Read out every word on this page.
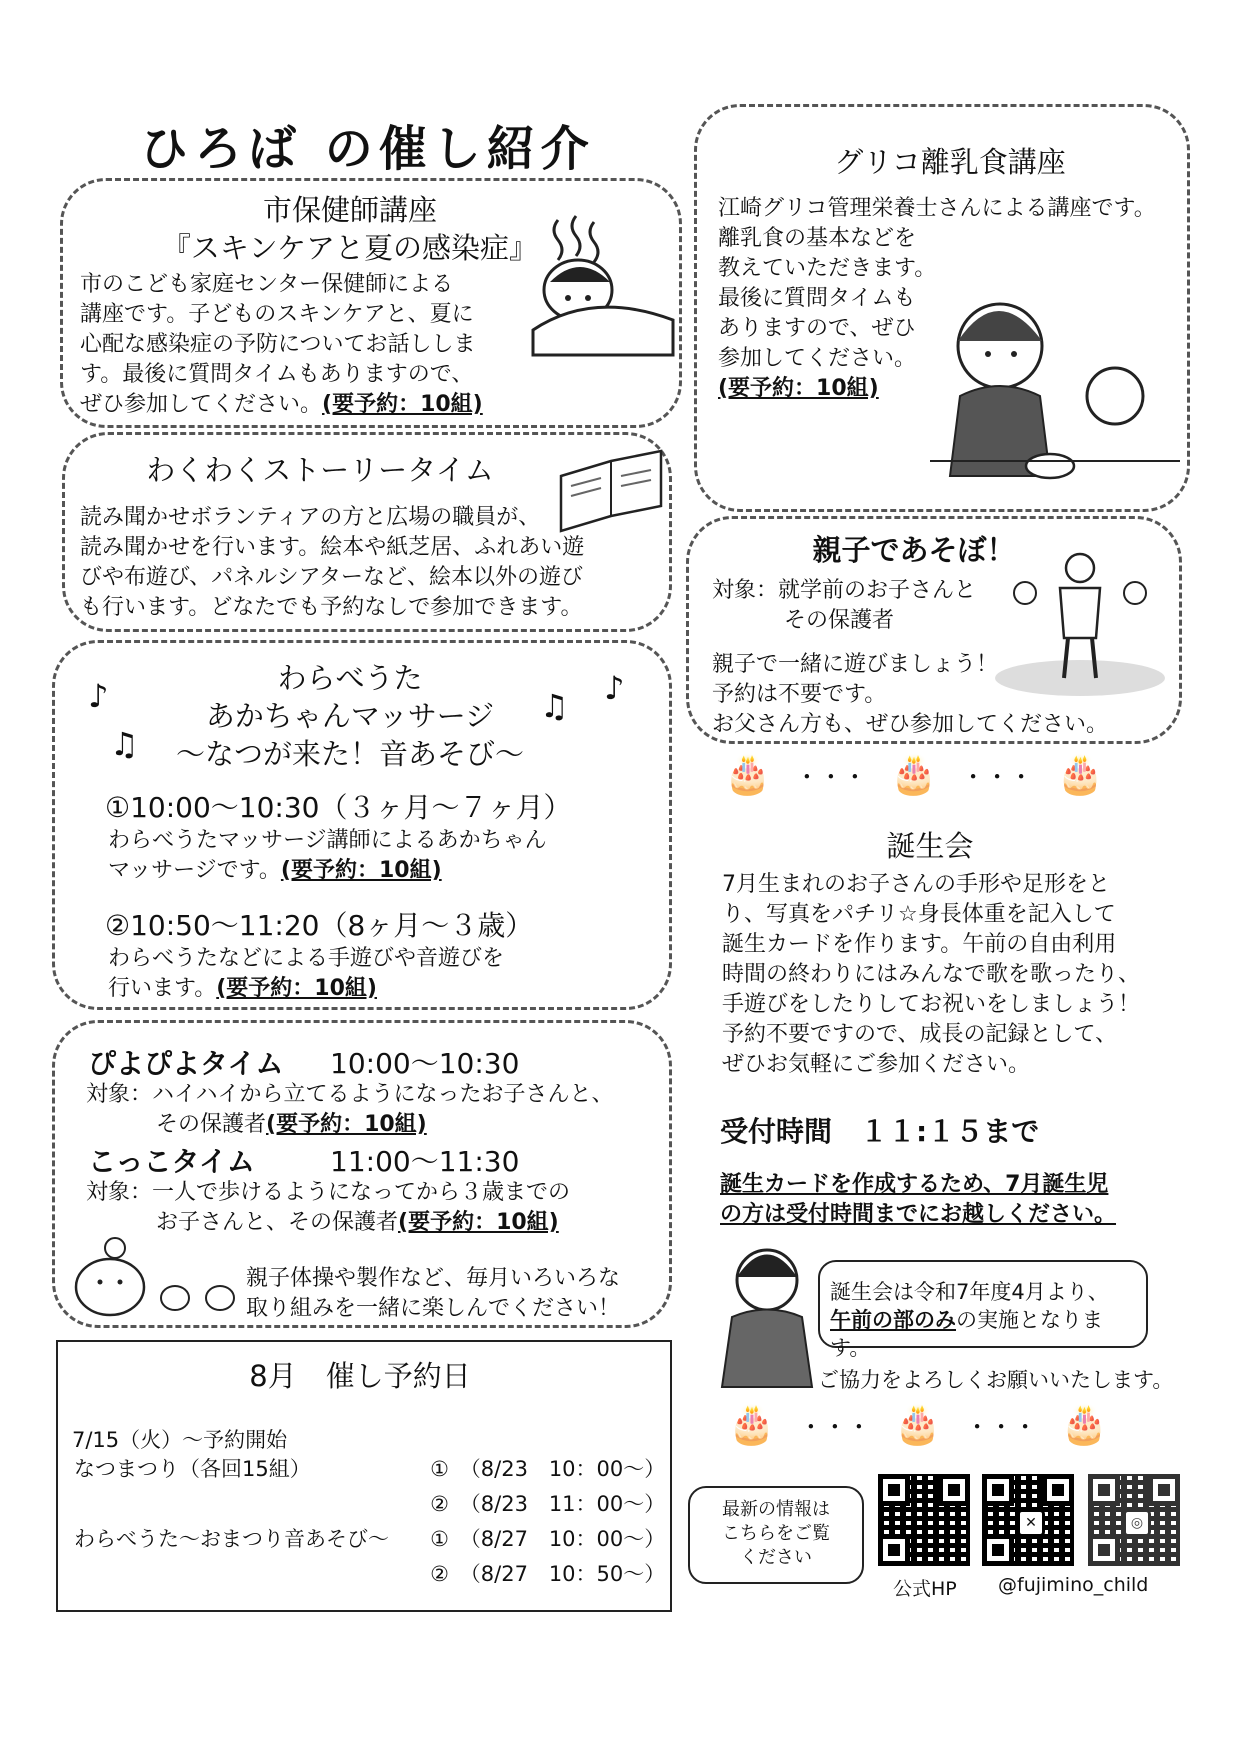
ひろば の催し紹介
市保健師講座
『スキンケアと夏の感染症』
市のこども家庭センター保健師による
講座です。子どものスキンケアと、夏に
心配な感染症の予防についてお話ししま
す。最後に質問タイムもありますので、
ぜひ参加してください。(要予約：10組)
わくわくストーリータイム
読み聞かせボランティアの方と広場の職員が、
読み聞かせを行います。絵本や紙芝居、ふれあい遊
びや布遊び、パネルシアターなど、絵本以外の遊び
も行います。どなたでも予約なしで参加できます。
わらべうた
あかちゃんマッサージ
～なつが来た！音あそび～
♪
♫
♫ ♪
①10:00～10:30（３ヶ月～７ヶ月）
わらべうたマッサージ講師によるあかちゃん
マッサージです。(要予約：10組)
②10:50～11:20（8ヶ月～３歳）
わらべうたなどによる手遊びや音遊びを
行います。(要予約：10組)
ぴよぴよタイム 10:00～10:30
対象：ハイハイから立てるようになったお子さんと、
その保護者(要予約：10組)
こっこタイム	11:00～11:30
対象：一人で歩けるようになってから３歳までの
お子さんと、その保護者(要予約：10組)
親子体操や製作など、毎月いろいろな
取り組みを一緒に楽しんでください！
8月　催し予約日
7/15（火）～予約開始
なつまつり（各回15組）	① （8/23 10：00～）
② （8/23 11：00～）
わらべうた～おまつり音あそび～	① （8/27 10：00～）
② （8/27 10：50～）
グリコ離乳食講座
江崎グリコ管理栄養士さんによる講座です。
離乳食の基本などを
教えていただきます。
最後に質問タイムも
ありますので、ぜひ
参加してください。
(要予約：10組)
親子であそぼ！
対象：就学前のお子さんと
その保護者
親子で一緒に遊びましょう！
予約は不要です。
お父さん方も、ぜひ参加してください。
🎂 ・・・ 🎂 ・・・ 🎂
誕生会
7月生まれのお子さんの手形や足形をと
り、写真をパチリ☆身長体重を記入して
誕生カードを作ります。午前の自由利用
時間の終わりにはみんなで歌を歌ったり、
手遊びをしたりしてお祝いをしましょう！
予約不要ですので、成長の記録として、
ぜひお気軽にご参加ください。
受付時間　１１:１５まで
誕生カードを作成するため、7月誕生児
の方は受付時間までにお越しください。
誕生会は令和7年度4月より、
午前の部のみの実施となります。
ご協力をよろしくお願いいたします。
🎂 ・・・ 🎂 ・・・ 🎂
最新の情報は
こちらをご覧
ください
✕	◎
公式HP @fujimino_child
